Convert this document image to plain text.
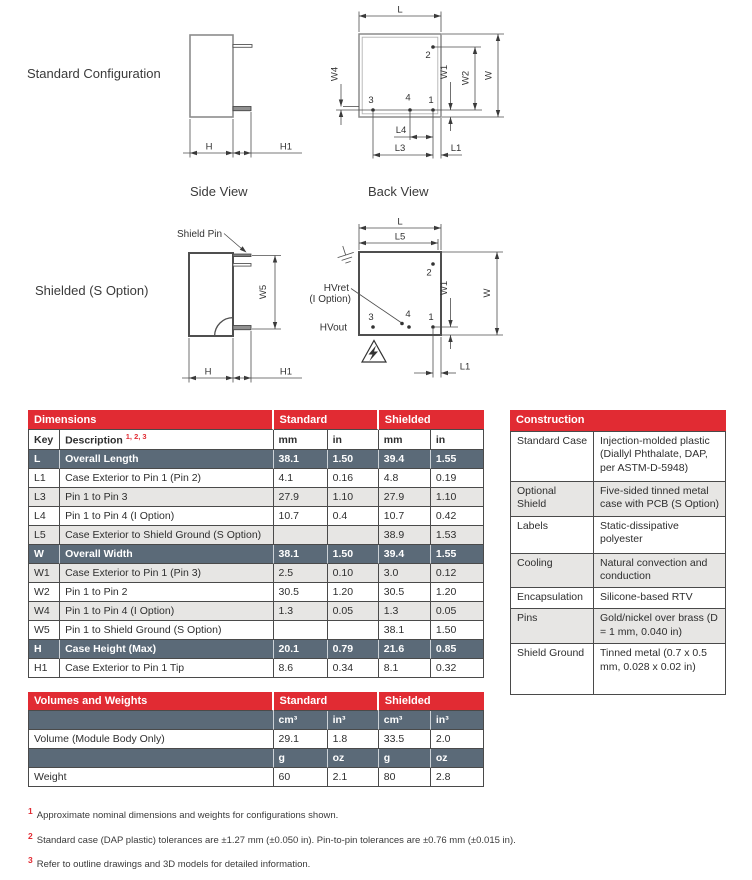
Standard Configuration
Shielded (S Option)
Side View	Back View
H	H1
2
3	4 1
L
W
W2
W1
W4
L4
L3	L1
Shield Pin
W5
H	H1
L
L5
2
3	4 1
HVret
(I Option)
HVout
W
W1
L1
Dimensions		Standard		Shielded	
Key	Description $^{1, 2, 3}$	mm	in	mm	in
L	Overall Length	38.1	1.50	39.4	1.55
L1	Case Exterior to Pin 1 (Pin 2)	4.1	0.16	4.8	0.19
L3	Pin 1 to Pin 3	27.9	1.10	27.9	1.10
L4	Pin 1 to Pin 4 (I Option)	10.7	0.4	10.7	0.42
L5	Case Exterior to Shield Ground (S Option)			38.9	1.53
W	Overall Width	38.1	1.50	39.4	1.55
W1	Case Exterior to Pin 1 (Pin 3)	2.5	0.10	3.0	0.12
W2	Pin 1 to Pin 2	30.5	1.20	30.5	1.20
W4	Pin 1 to Pin 4 (I Option)	1.3	0.05	1.3	0.05
W5	Pin 1 to Shield Ground (S Option)			38.1	1.50
H	Case Height (Max)	20.1	0.79	21.6	0.85
H1	Case Exterior to Pin 1 Tip	8.6	0.34	8.1	0.32
Construction	
Standard Case	Injection-molded plastic (Diallyl Phthalate, DAP, per ASTM-D-5948)
Optional Shield	Five-sided tinned metal case with PCB (S Option)
Labels	Static-dissipative polyester
Cooling	Natural convection and conduction
Encapsulation	Silicone-based RTV
Pins	Gold/nickel over brass (D = 1 mm, 0.040 in)
Shield Ground	Tinned metal (0.7 x 0.5 mm, 0.028 x 0.02 in)
Volumes and Weights	Standard		Shielded	
	cm³	in³	cm³	in³
Volume (Module Body Only)	29.1	1.8	33.5	2.0
	g	oz	g	oz
Weight	60	2.1	80	2.8
1 Approximate nominal dimensions and weights for configurations shown.
2 Standard case (DAP plastic) tolerances are ±1.27 mm (±0.050 in). Pin-to-pin tolerances are ±0.76 mm (±0.015 in).
3 Refer to outline drawings and 3D models for detailed information.
